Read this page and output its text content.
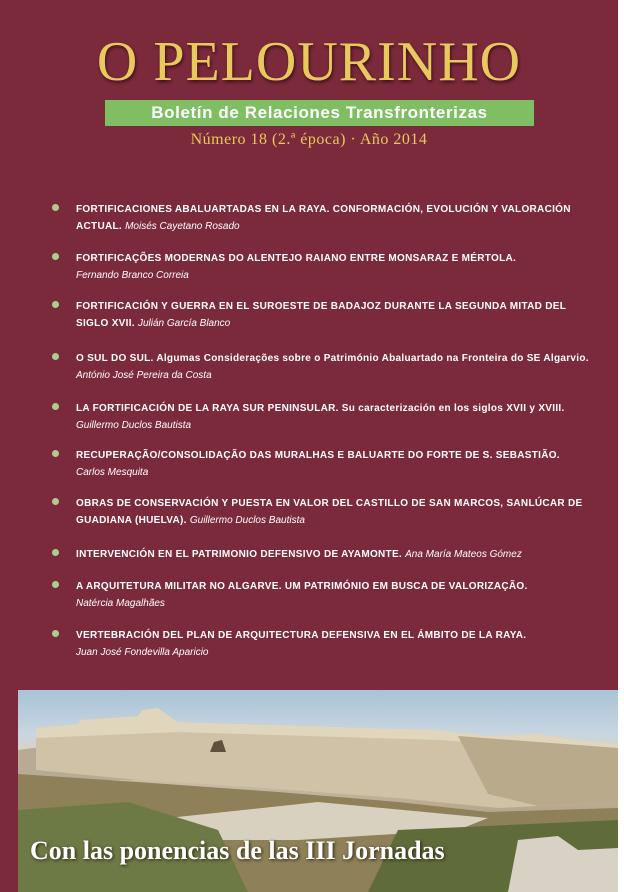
O PELOURINHO
Boletín de Relaciones Transfronterizas
Número 18 (2.ª época) · Año 2014
FORTIFICACIONES ABALUARTADAS EN LA RAYA. CONFORMACIÓN, EVOLUCIÓN Y VALORACIÓN ACTUAL. Moisés Cayetano Rosado
FORTIFICAÇÕES MODERNAS DO ALENTEJO RAIANO ENTRE MONSARAZ E MÉRTOLA.
Fernando Branco Correia
FORTIFICACIÓN Y GUERRA EN EL SUROESTE DE BADAJOZ DURANTE LA SEGUNDA MITAD DEL SIGLO XVII. Julián García Blanco
O SUL DO SUL. Algumas Considerações sobre o Património Abaluartado na Fronteira do SE Algarvio. António José Pereira da Costa
LA FORTIFICACIÓN DE LA RAYA SUR PENINSULAR. Su caracterización en los siglos XVII y XVIII.
Guillermo Duclos Bautista
RECUPERAÇÃO/CONSOLIDAÇÃO DAS MURALHAS E BALUARTE DO FORTE DE S. SEBASTIÃO.
Carlos Mesquita
OBRAS DE CONSERVACIÓN Y PUESTA EN VALOR DEL CASTILLO DE SAN MARCOS, SANLÚCAR DE GUADIANA (HUELVA). Guillermo Duclos Bautista
INTERVENCIÓN EN EL PATRIMONIO DEFENSIVO DE AYAMONTE. Ana María Mateos Gómez
A ARQUITETURA MILITAR NO ALGARVE. UM PATRIMÓNIO EM BUSCA DE VALORIZAÇÃO.
Natércia Magalhães
VERTEBRACIÓN DEL PLAN DE ARQUITECTURA DEFENSIVA EN EL ÁMBITO DE LA RAYA.
Juan José Fondevilla Aparicio
Con las ponencias de las III Jornadas
